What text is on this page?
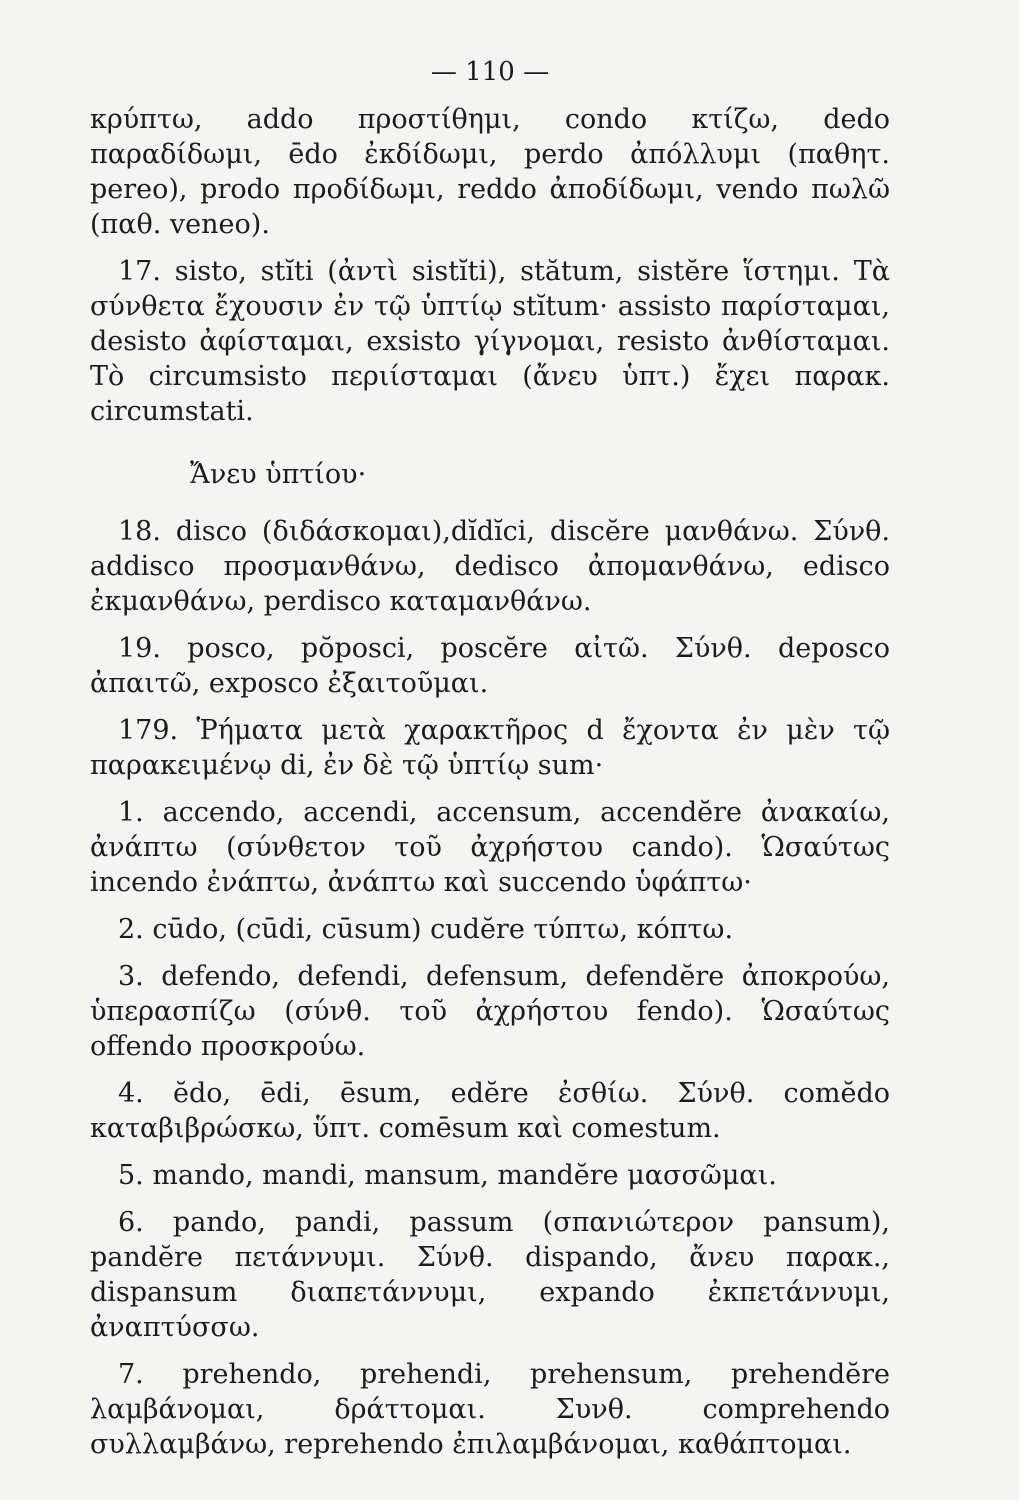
— 110 —

κρύπτω, addo προστίθημι, condo κτίζω, dedo παραδίδωμι, ēdo ἐκδίδωμι, perdo ἀπόλλυμι (παθητ. pereo), prodo προδίδωμι, reddo ἀποδίδωμι, vendo πωλῶ (παθ. veneo).

17. sisto, stĭti (ἀντὶ sistĭti), stătum, sistĕre ἵστημι. Τὰ σύνθετα ἔχουσιν ἐν τῷ ὑπτίῳ stĭtum· assisto παρίσταμαι, desisto ἀφίσταμαι, exsisto γίγνομαι, resisto ἀνθίσταμαι. Τὸ circumsisto περιίσταμαι (ἄνευ ὑπτ.) ἔχει παρακ. circumstati.

Ἄνευ ὑπτίου·

18. disco (διδάσκομαι),dĭdĭci, discĕre μανθάνω. Σύνθ. addisco προσμανθάνω, dedisco ἀπομανθάνω, edisco ἐκμανθάνω, perdisco καταμανθάνω.

19. posco, pŏposci, poscĕre αἰτῶ. Σύνθ. deposco ἀπαιτῶ, exposco ἐξαιτοῦμαι.

179. Ῥήματα μετὰ χαρακτῆρος d ἔχοντα ἐν μὲν τῷ παρακειμένῳ di, ἐν δὲ τῷ ὑπτίῳ sum·

1. accendo, accendi, accensum, accendĕre ἀνακαίω, ἀνάπτω (σύνθετον τοῦ ἀχρήστου cando). Ὡσαύτως incendo ἐνάπτω, ἀνάπτω καὶ succendo ὑφάπτω·

2. cūdo, (cūdi, cūsum) cudĕre τύπτω, κόπτω.

3. defendo, defendi, defensum, defendĕre ἀποκρούω, ὑπερασπίζω (σύνθ. τοῦ ἀχρήστου fendo). Ὡσαύτως offendo προσκρούω.

4. ĕdo, ēdi, ēsum, edĕre ἐσθίω. Σύνθ. comĕdo καταβιβρώσκω, ὕπτ. comēsum καὶ comestum.

5. mando, mandi, mansum, mandĕre μασσῶμαι.

6. pando, pandi, passum (σπανιώτερον pansum), pandĕre πετάννυμι. Σύνθ. dispando, ἄνευ παρακ., dispansum διαπετάννυμι, expando ἐκπετάννυμι, ἀναπτύσσω.

7. prehendo, prehendi, prehensum, prehendĕre λαμβάνομαι, δράττομαι. Συνθ. comprehendo συλλαμβάνω, reprehendo ἐπιλαμβάνομαι, καθάπτομαι.
